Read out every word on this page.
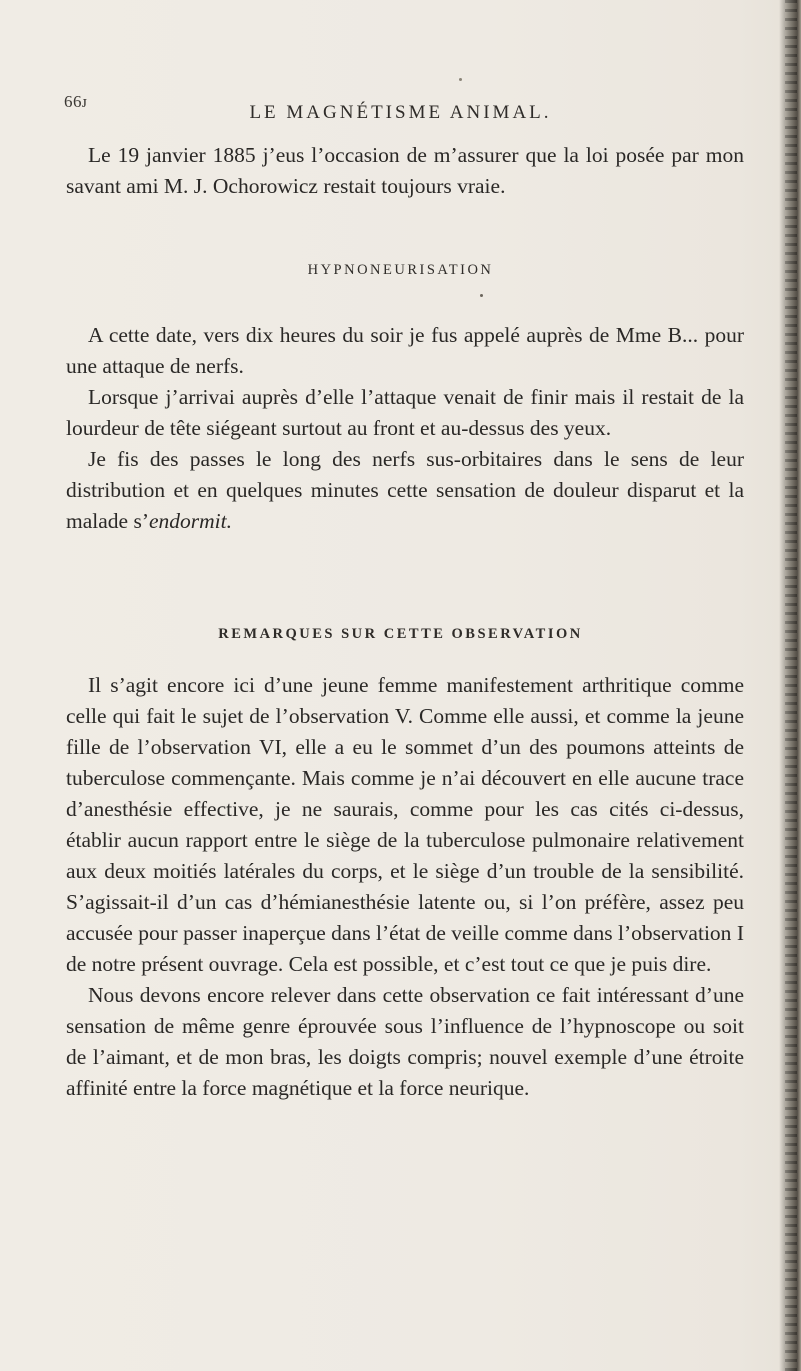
66ᴊ
LE MAGNÉTISME ANIMAL.

Le 19 janvier 1885 j’eus l’occasion de m’assurer que la loi posée par mon savant ami M. J. Ochorowicz restait toujours vraie.

HYPNONEURISATION

A cette date, vers dix heures du soir je fus appelé auprès de Mme B... pour une attaque de nerfs.

Lorsque j’arrivai auprès d’elle l’attaque venait de finir mais il restait de la lourdeur de tête siégeant surtout au front et au-dessus des yeux.

Je fis des passes le long des nerfs sus-orbitaires dans le sens de leur distribution et en quelques minutes cette sensation de douleur disparut et la malade s’endormit.

REMARQUES SUR CETTE OBSERVATION

Il s’agit encore ici d’une jeune femme manifestement arthritique comme celle qui fait le sujet de l’observation V. Comme elle aussi, et comme la jeune fille de l’observation VI, elle a eu le sommet d’un des poumons atteints de tuberculose commençante. Mais comme je n’ai découvert en elle aucune trace d’anesthésie effective, je ne saurais, comme pour les cas cités ci-dessus, établir aucun rapport entre le siège de la tuberculose pulmonaire relativement aux deux moitiés latérales du corps, et le siège d’un trouble de la sensibilité. S’agissait-il d’un cas d’hémianesthésie latente ou, si l’on préfère, assez peu accusée pour passer inaperçue dans l’état de veille comme dans l’observation I de notre présent ouvrage. Cela est possible, et c’est tout ce que je puis dire.

Nous devons encore relever dans cette observation ce fait intéressant d’une sensation de même genre éprouvée sous l’influence de l’hypnoscope ou soit de l’aimant, et de mon bras, les doigts compris; nouvel exemple d’une étroite affinité entre la force magnétique et la force neurique.
